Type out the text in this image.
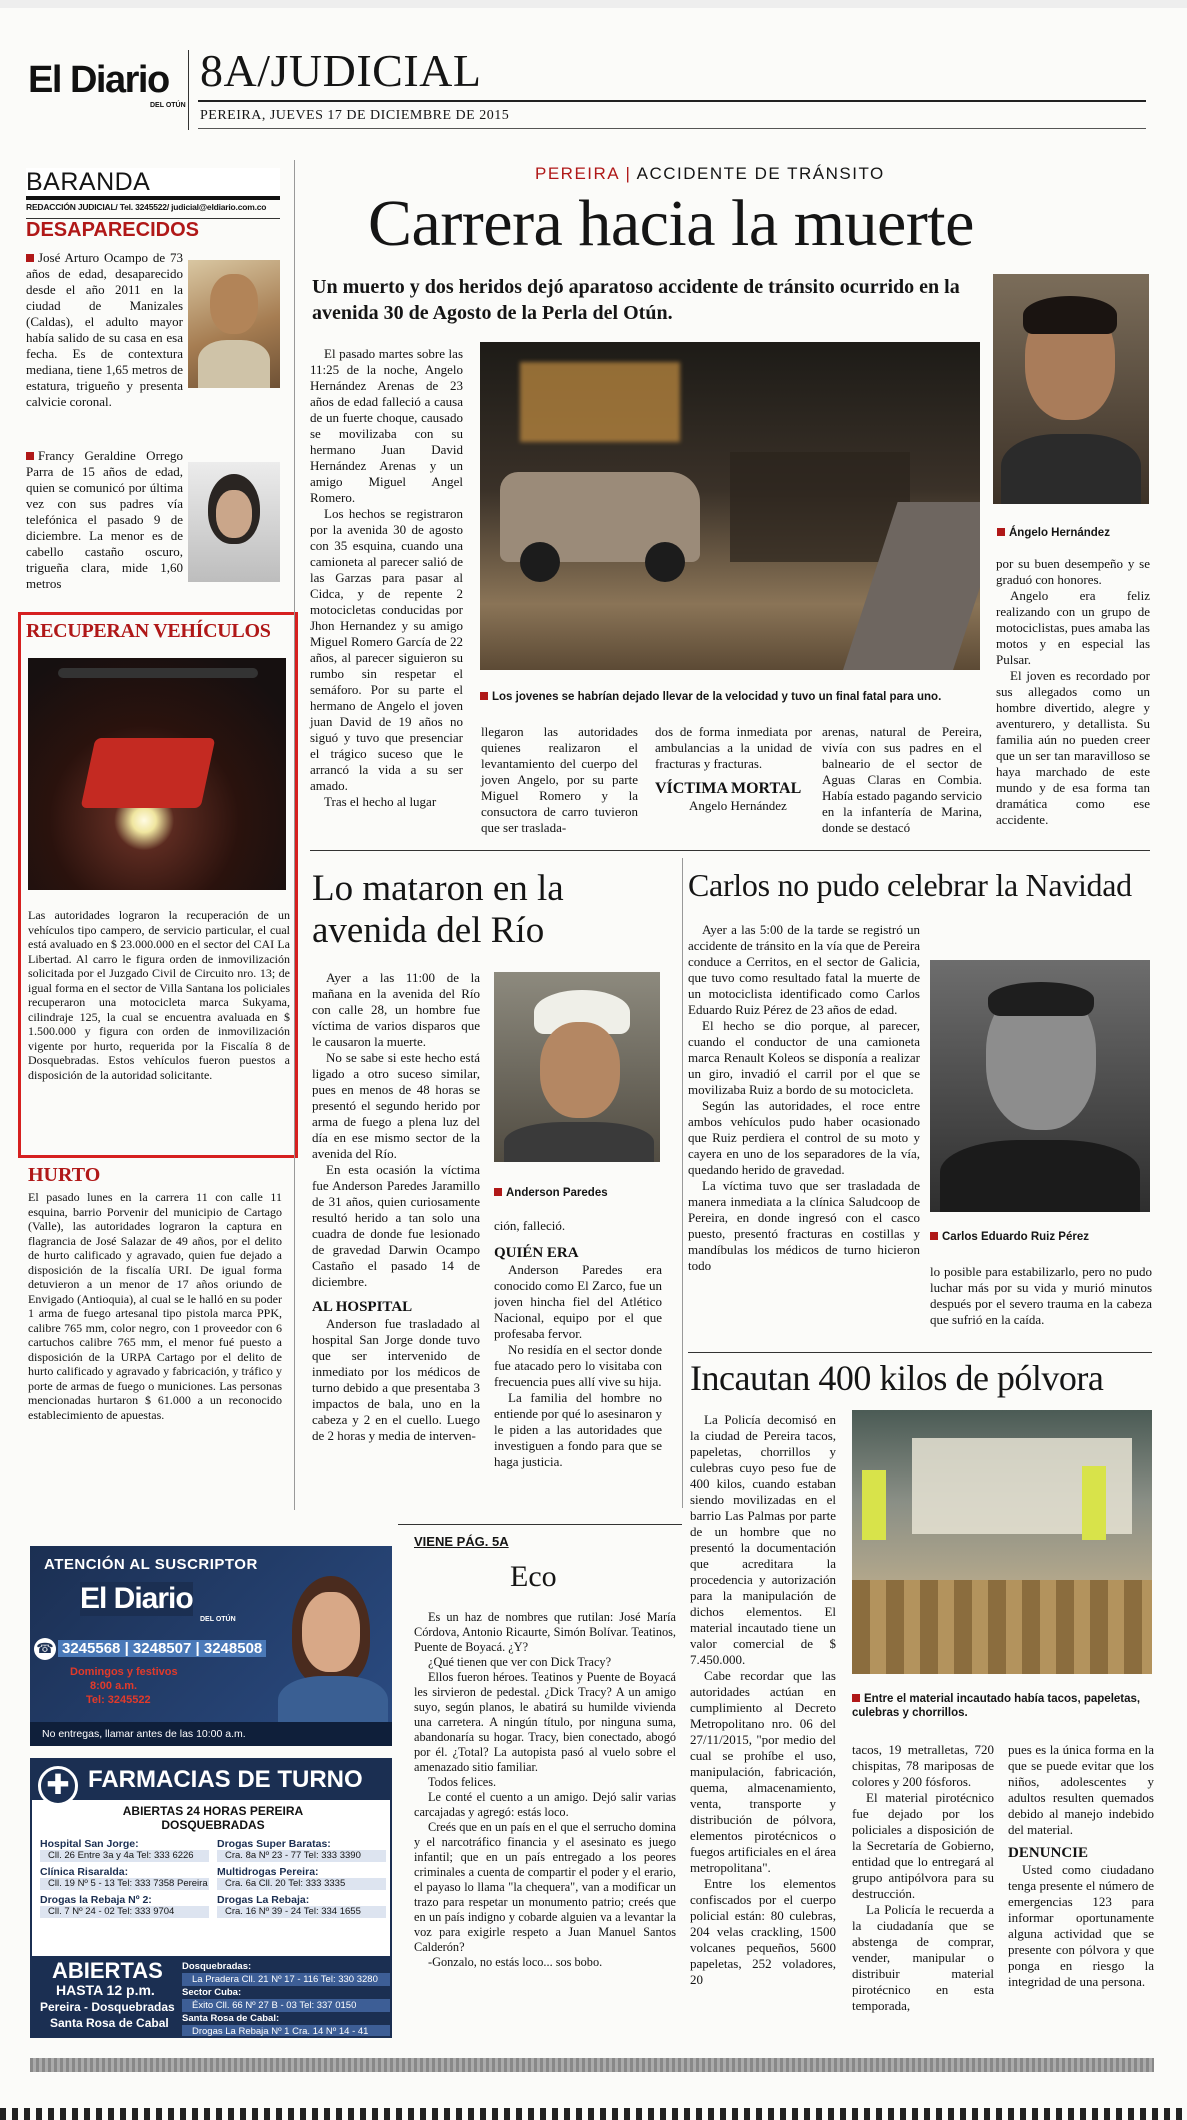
El Diario
DEL OTÚN
8A/JUDICIAL
PEREIRA, JUEVES 17 DE DICIEMBRE DE 2015
BARANDA
REDACCIÓN JUDICIAL/ Tel. 3245522/ judicial@eldiario.com.co
DESAPARECIDOS
José Arturo Ocampo de 73 años de edad, desaparecido desde el año 2011 en la ciudad de Manizales (Caldas), el adulto mayor había salido de su casa en esa fecha. Es de contextura mediana, tiene 1,65 metros de estatura, trigueño y presenta calvicie coronal.
Francy Geraldine Orrego Parra de 15 años de edad, quien se comunicó por última vez con sus padres vía telefónica el pasado 9 de diciembre. La menor es de cabello castaño oscuro, trigueña clara, mide 1,60 metros
RECUPERAN VEHÍCULOS
Las autoridades lograron la recuperación de un vehículos tipo campero, de servicio particular, el cual está avaluado en $ 23.000.000 en el sector del CAI La Libertad. Al carro le figura orden de inmovilización solicitada por el Juzgado Civil de Circuito nro. 13; de igual forma en el sector de Villa Santana los policiales recuperaron una motocicleta marca Sukyama, cilindraje 125, la cual se encuentra avaluada en $ 1.500.000 y figura con orden de inmovilización vigente por hurto, requerida por la Fiscalía 8 de Dosquebradas. Estos vehículos fueron puestos a disposición de la autoridad solicitante.
HURTO
El pasado lunes en la carrera 11 con calle 11 esquina, barrio Porvenir del municipio de Cartago (Valle), las autoridades lograron la captura en flagrancia de José Salazar de 49 años, por el delito de hurto calificado y agravado, quien fue dejado a disposición de la fiscalía URI. De igual forma detuvieron a un menor de 17 años oriundo de Envigado (Antioquia), al cual se le halló en su poder 1 arma de fuego artesanal tipo pistola marca PPK, calibre 765 mm, color negro, con 1 proveedor con 6 cartuchos calibre 765 mm, el menor fué puesto a disposición de la URPA Cartago por el delito de hurto calificado y agravado y fabricación, y tráfico y porte de armas de fuego o municiones. Las personas mencionadas hurtaron $ 61.000 a un reconocido establecimiento de apuestas.
PEREIRA | ACCIDENTE DE TRÁNSITO
Carrera hacia la muerte
Un muerto y dos heridos dejó aparatoso accidente de tránsito ocurrido en la avenida 30 de Agosto de la Perla del Otún.

El pasado martes sobre las 11:25 de la noche, Angelo Hernández Arenas de 23 años de edad falleció a causa de un fuerte choque, causado se movilizaba con su hermano Juan David Hernández Arenas y un amigo Miguel Angel Romero.

Los hechos se registraron por la avenida 30 de agosto con 35 esquina, cuando una camioneta al parecer salió de las Garzas para pasar al Cidca, y de repente 2 motocicletas conducidas por Jhon Hernandez y su amigo Miguel Romero García de 22 años, al parecer siguieron su rumbo sin respetar el semáforo. Por su parte el hermano de Angelo el joven juan David de 19 años no siguó y tuvo que presenciar el trágico suceso que le arrancó la vida a su ser amado.

Tras el hecho al lugar

Los jovenes se habrían dejado llevar de la velocidad y tuvo un final fatal para uno.
Ángelo Hernández

por su buen desempeño y se graduó con honores.

Angelo era feliz realizando con un grupo de motociclistas, pues amaba las motos y en especial las Pulsar.

El joven es recordado por sus allegados como un hombre divertido, alegre y aventurero, y detallista. Su familia aún no pueden creer que un ser tan maravilloso se haya marchado de este mundo y de esa forma tan dramática como ese accidente.

llegaron las autoridades quienes realizaron el levantamiento del cuerpo del joven Angelo, por su parte Miguel Romero y la consuctora de carro tuvieron que ser traslada-
dos de forma inmediata por ambulancias a la unidad de fracturas y fracturas.
VÍCTIMA MORTAL
Angelo Hernández
arenas, natural de Pereira, vivía con sus padres en el balneario de el sector de Aguas Claras en Combia. Había estado pagando servicio en la infantería de Marina, donde se destacó
Lo mataron en la avenida del Río

Ayer a las 11:00 de la mañana en la avenida del Río con calle 28, un hombre fue víctima de varios disparos que le causaron la muerte.

No se sabe si este hecho está ligado a otro suceso similar, pues en menos de 48 horas se presentó el segundo herido por arma de fuego a plena luz del día en ese mismo sector de la avenida del Río.

En esta ocasión la víctima fue Anderson Paredes Jaramillo de 31 años, quien curiosamente resultó herido a tan solo una cuadra de donde fue lesionado de gravedad Darwin Ocampo Castaño el pasado 14 de diciembre.

AL HOSPITAL

Anderson fue trasladado al hospital San Jorge donde tuvo que ser intervenido de inmediato por los médicos de turno debido a que presentaba 3 impactos de bala, uno en la cabeza y 2 en el cuello. Luego de 2 horas y media de interven-

Anderson Paredes
ción, falleció.
QUIÉN ERA

Anderson Paredes era conocido como El Zarco, fue un joven hincha fiel del Atlético Nacional, equipo por el que profesaba fervor.

No residía en el sector donde fue atacado pero lo visitaba con frecuencia pues allí vive su hija.

La familia del hombre no entiende por qué lo asesinaron y le piden a las autoridades que investiguen a fondo para que se haga justicia.

Carlos no pudo celebrar la Navidad

Ayer a las 5:00 de la tarde se registró un accidente de tránsito en la vía que de Pereira conduce a Cerritos, en el sector de Galicia, que tuvo como resultado fatal la muerte de un motociclista identificado como Carlos Eduardo Ruiz Pérez de 23 años de edad.

El hecho se dio porque, al parecer, cuando el conductor de una camioneta marca Renault Koleos se disponía a realizar un giro, invadió el carril por el que se movilizaba Ruiz a bordo de su motocicleta.

Según las autoridades, el roce entre ambos vehículos pudo haber ocasionado que Ruiz perdiera el control de su moto y cayera en uno de los separadores de la vía, quedando herido de gravedad.

La víctima tuvo que ser trasladada de manera inmediata a la clínica Saludcoop de Pereira, en donde ingresó con el casco puesto, presentó fracturas en costillas y mandíbulas los médicos de turno hicieron todo

Carlos Eduardo Ruiz Pérez
lo posible para estabilizarlo, pero no pudo luchar más por su vida y murió minutos después por el severo trauma en la cabeza que sufrió en la caída.
Incautan 400 kilos de pólvora

La Policía decomisó en la ciudad de Pereira tacos, papeletas, chorrillos y culebras cuyo peso fue de 400 kilos, cuando estaban siendo movilizadas en el barrio Las Palmas por parte de un hombre que no presentó la documentación que acreditara la procedencia y autorización para la manipulación de dichos elementos. El material incautado tiene un valor comercial de $ 7.450.000.

Cabe recordar que las autoridades actúan en cumplimiento al Decreto Metropolitano nro. 06 del 27/11/2015, "por medio del cual se prohíbe el uso, manipulación, fabricación, quema, almacenamiento, venta, transporte y distribución de pólvora, elementos pirotécnicos o fuegos artificiales en el área metropolitana".

Entre los elementos confiscados por el cuerpo policial están: 80 culebras, 204 velas crackling, 1500 volcanes pequeños, 5600 papeletas, 252 voladores, 20

Entre el material incautado había tacos, papeletas, culebras y chorrillos.
tacos, 19 metralletas, 720 chispitas, 78 mariposas de colores y 200 fósforos.

El material pirotécnico fue dejado por los policiales a disposición de la Secretaría de Gobierno, entidad que lo entregará al grupo antipólvora para su destrucción.

La Policía le recuerda a la ciudadanía que se abstenga de comprar, vender, manipular o distribuir material pirotécnico en esta temporada,

pues es la única forma en la que se puede evitar que los niños, adolescentes y adultos resulten quemados debido al manejo indebido del material.
DENUNCIE

Usted como ciudadano tenga presente el número de emergencias 123 para informar oportunamente alguna actividad que se presente con pólvora y que ponga en riesgo la integridad de una persona.

VIENE PÁG. 5A
Eco

Es un haz de nombres que rutilan: José María Córdova, Antonio Ricaurte, Simón Bolívar. Teatinos, Puente de Boyacá. ¿Y?

¿Qué tienen que ver con Dick Tracy?

Ellos fueron héroes. Teatinos y Puente de Boyacá les sirvieron de pedestal. ¿Dick Tracy? A un amigo suyo, según planos, le abatirá su humilde vivienda una carretera. A ningún título, por ninguna suma, abandonaría su hogar. Tracy, bien conectado, abogó por él. ¿Total? La autopista pasó al vuelo sobre el amenazado sitio familiar.

Todos felices.

Le conté el cuento a un amigo. Dejó salir varias carcajadas y agregó: estás loco.

Creés que en un país en el que el serrucho domina y el narcotráfico financia y el asesinato es juego infantil; que en un país entregado a los peores criminales a cuenta de compartir el poder y el erario, el payaso lo llama "la chequera", van a modificar un trazo para respetar un monumento patrio; creés que en un país indigno y cobarde alguien va a levantar la voz para exigirle respeto a Juan Manuel Santos Calderón?

-Gonzalo, no estás loco... sos bobo.

ATENCIÓN AL SUSCRIPTOR
El Diario
DEL OTÚN
☎ 3245568 | 3248507 | 3248508
Domingos y festivos
8:00 a.m.
Tel: 3245522
No entregas, llamar antes de las 10:00 a.m.
✚ FARMACIAS DE TURNO
ABIERTAS 24 HORAS PEREIRA
DOSQUEBRADAS
Hospital San Jorge:
Cll. 26 Entre 3a y 4a Tel: 333 6226
Drogas Super Baratas:
Cra. 8a Nº 23 - 77 Tel: 333 3390
Clínica Risaralda:
Cll. 19 Nº 5 - 13 Tel: 333 7358 Pereira
Multidrogas Pereira:
Cra. 6a Cll. 20 Tel: 333 3335
Drogas la Rebaja Nº 2:
Cll. 7 Nº 24 - 02 Tel: 333 9704
Drogas La Rebaja:
Cra. 16 Nº 39 - 24 Tel: 334 1655
ABIERTAS
HASTA 12 p.m.
Pereira - Dosquebradas
Santa Rosa de Cabal
Dosquebradas:
La Pradera Cll. 21 Nº 17 - 116 Tel: 330 3280
Sector Cuba:
Éxito Cll. 66 Nº 27 B - 03 Tel: 337 0150
Santa Rosa de Cabal:
Drogas La Rebaja Nº 1 Cra. 14 Nº 14 - 41
